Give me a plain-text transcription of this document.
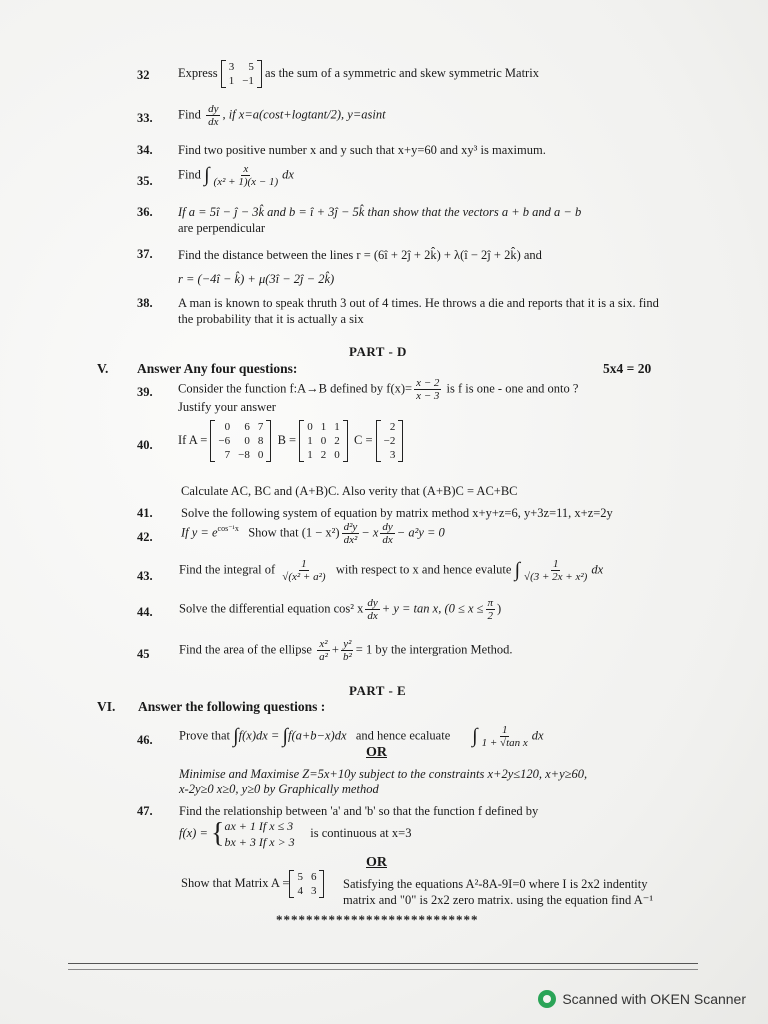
32 Express 3	5
1	−1
as the sum of a symmetric and skew symmetric Matrix
33. Find $\frac{dy}{dx}$ , if x=a(cost+logtant/2), y=asint
34. Find two positive number x and y such that x+y=60 and xy³ is maximum.
35. Find ∫ $\frac{x}{\text{(x² + 1)(x − 1)}}$ dx
36. If a = 5î − ĵ − 3k̂ and b = î + 3ĵ − 5k̂ than show that the vectors a + b and a − b
are perpendicular
37. Find the distance between the lines r = (6î + 2ĵ + 2k̂) + λ(î − 2ĵ + 2k̂) and
r = (−4î − k̂) + μ(3î − 2ĵ − 2k̂)
38. A man is known to speak thruth 3 out of 4 times. He throws a die and reports that it is a six. find
the probability that it is actually a six
PART - D
V. Answer Any four questions:	5x4 = 20
39. Consider the function f:A→B defined by $f(x)= \frac{x - 2}{x - 3}$ is f is one - one and onto ?
Justify your answer
40. If A =
0	6	7
−6	0	8
7	−8	0
B =
0	1	1
1	0	2
1	2	0
C =
2
−2
3
Calculate AC, BC and (A+B)C. Also verity that (A+B)C = AC+BC
41. Solve the following system of equation by matrix method x+y+z=6, y+3z=11, x+z=2y
42. If $y = e^{cos^{-1}x}$ Show that $(1 - x^2) \frac{\text{d²y}}{\text{dx²}} - x \frac{dy}{dx} - a^2y = 0$
43. Find the integral of $\frac{1}{\text{√(x² + a²)}}$ with respect to x and hence evalute ∫ $\frac{1}{\text{√(3 + 2x + x²)}}$ dx
44. Solve the differential equation cos² x $\frac{dy}{dx} + y = \tan x$, ($0 \le x \le \frac{\pi}{2}$ )
45 Find the area of the ellipse $\frac{\text{x²}}{\text{a²}} + \frac{\text{y²}}{\text{b²}} = 1$ by the intergration Method.
PART - E
VI. Answer the following questions :
46. Prove that ∫f(x)dx = ∫f(a+b−x)dx and hence ecaluate ∫ $\frac{1}{\text{1 + √tan x}}$ dx
OR
Minimise and Maximise Z=5x+10y subject to the constraints x+2y≤120, x+y≥60,
x-2y≥0 x≥0, y≥0 by Graphically method
47. Find the relationship between 'a' and 'b' so that the function f defined by
f(x) = { ax + 1 If x ≤ 3
bx + 3 If x > 3
is continuous at x=3
OR
Show that Matrix A = 5	6
4	3 Satisfying the equations A²-8A-9I=0 where I is 2x2 indentity
matrix and "0" is 2x2 zero matrix. using the equation find A⁻¹
***************************
Scanned with OKEN Scanner
